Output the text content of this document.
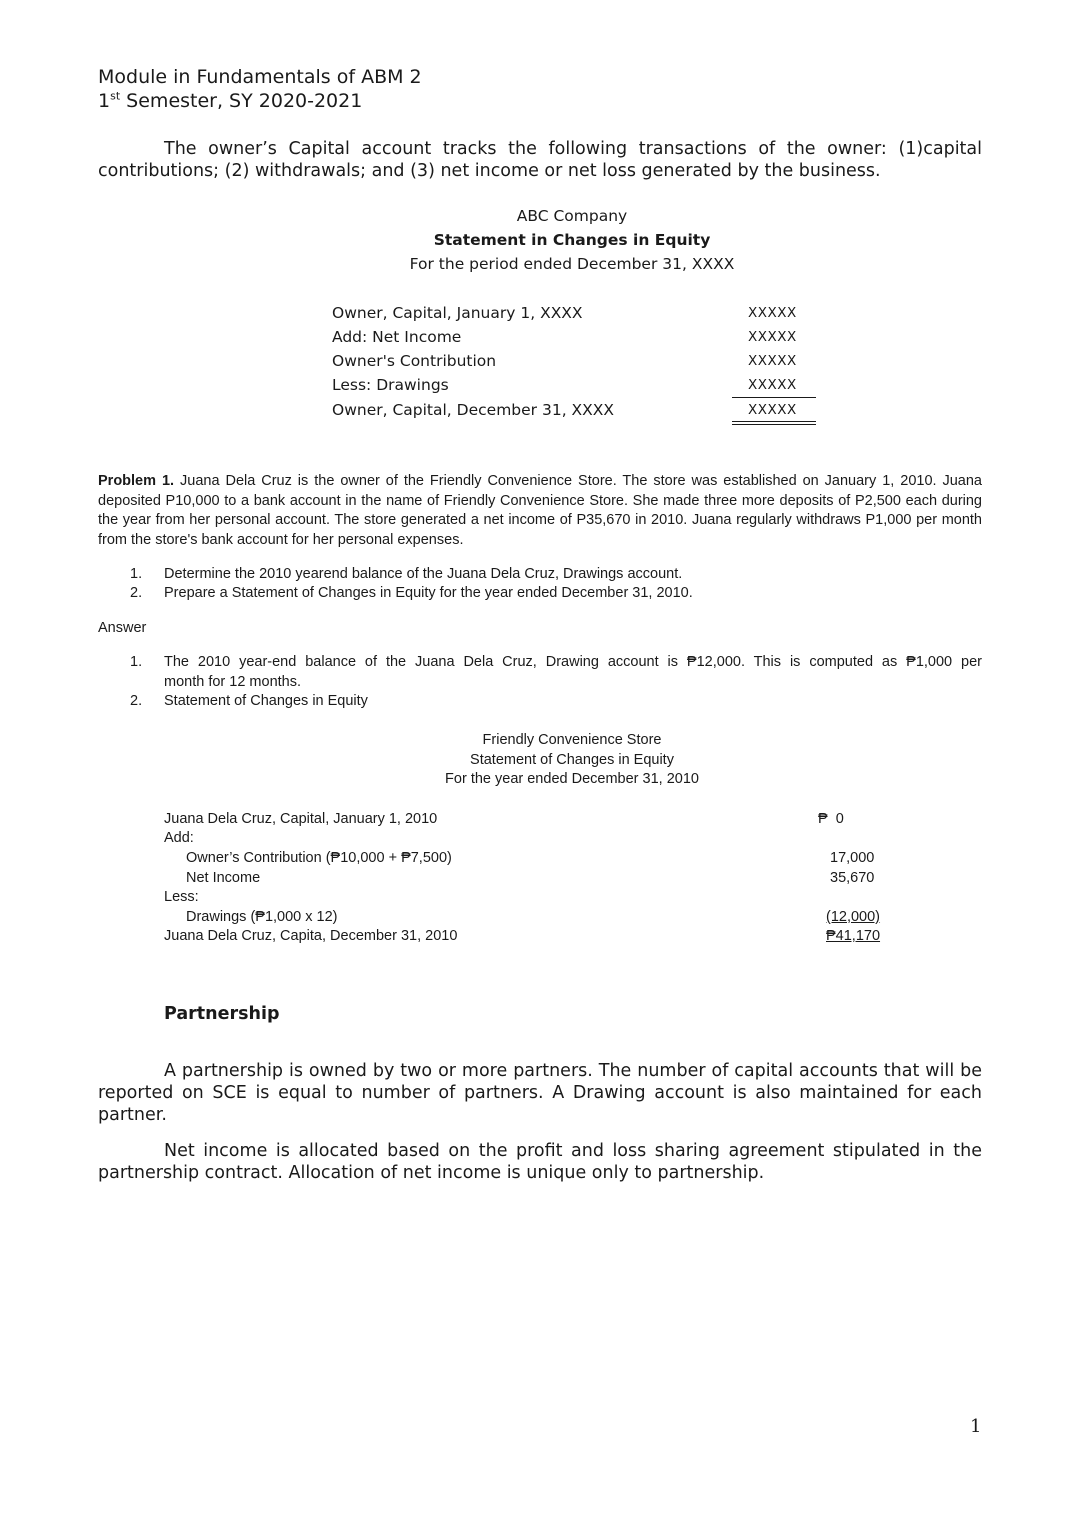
Module in Fundamentals of ABM 2
1st Semester, SY 2020-2021
The owner’s Capital account tracks the following transactions of the owner: (1)capital contributions; (2) withdrawals; and (3) net income or net loss generated by the business.
ABC Company
Statement in Changes in Equity
For the period ended December 31, XXXX
Owner, Capital, January 1, XXXX	XXXXX
Add: Net Income	XXXXX
Owner's Contribution	XXXXX
Less: Drawings	XXXXX
Owner, Capital, December 31, XXXX	XXXXX
Problem 1. Juana Dela Cruz is the owner of the Friendly Convenience Store. The store was established on January 1, 2010. Juana deposited P10,000 to a bank account in the name of Friendly Convenience Store. She made three more deposits of P2,500 each during the year from her personal account. The store generated a net income of P35,670 in 2010. Juana regularly withdraws P1,000 per month from the store's bank account for her personal expenses.
1. Determine the 2010 yearend balance of the Juana Dela Cruz, Drawings account.
2. Prepare a Statement of Changes in Equity for the year ended December 31, 2010.
Answer
1. The 2010 year-end balance of the Juana Dela Cruz, Drawing account is ₱12,000. This is computed as ₱1,000 per
month for 12 months.
2. Statement of Changes in Equity
Friendly Convenience Store
Statement of Changes in Equity
For the year ended December 31, 2010
Juana Dela Cruz, Capital, January 1, 2010	₱  0
Add:
Owner’s Contribution (₱10,000 + ₱7,500)	17,000
Net Income	35,670
Less:
Drawings (₱1,000 x 12)	(12,000)
Juana Dela Cruz, Capita, December 31, 2010	₱41,170
Partnership
A partnership is owned by two or more partners. The number of capital accounts that will be reported on SCE is equal to number of partners. A Drawing account is also maintained for each partner.
Net income is allocated based on the profit and loss sharing agreement stipulated in the partnership contract. Allocation of net income is unique only to partnership.
1
